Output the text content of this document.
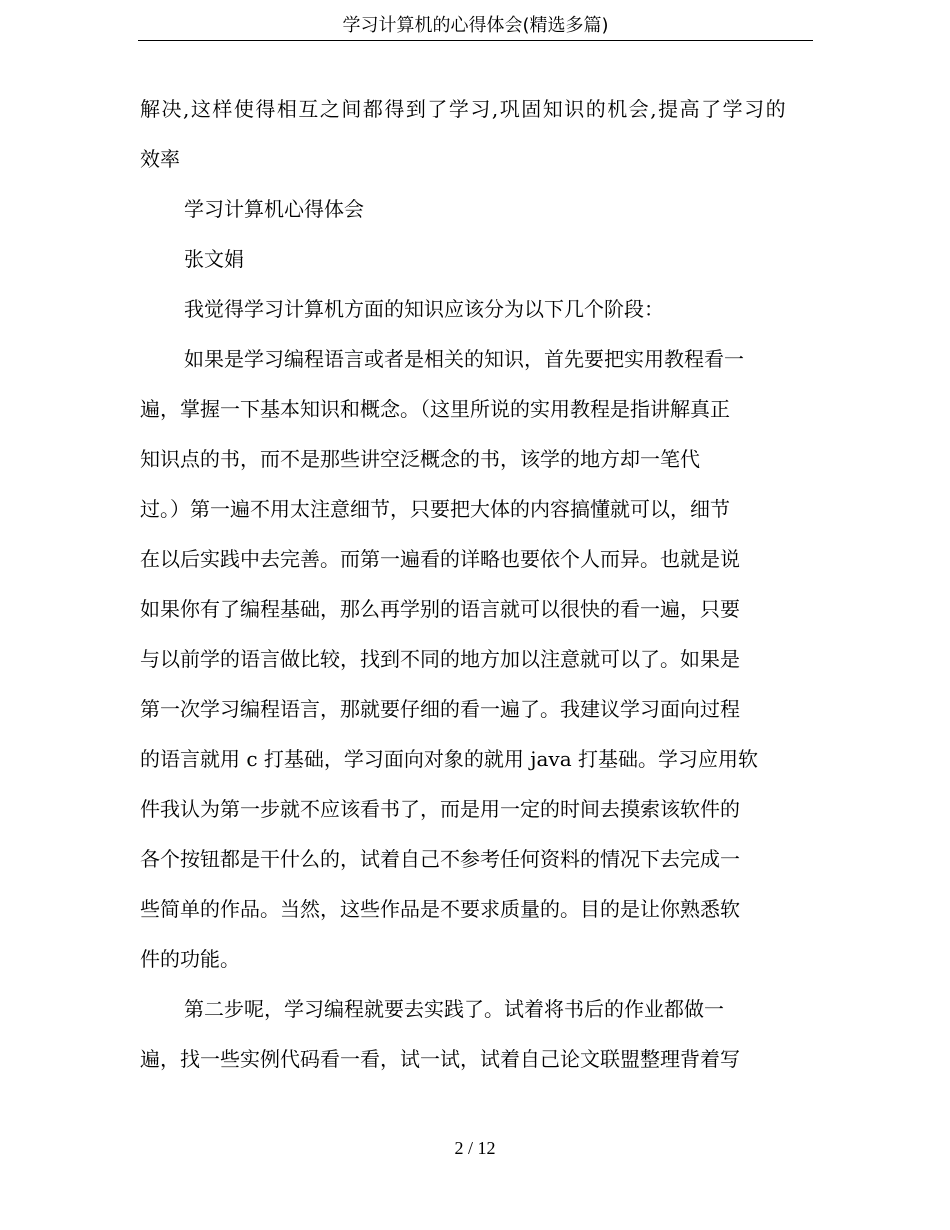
学习计算机的心得体会(精选多篇)
解决,这样使得相互之间都得到了学习,巩固知识的机会,提高了学习的
效率
学习计算机心得体会
张文娟
我觉得学习计算机方面的知识应该分为以下几个阶段：
如果是学习编程语言或者是相关的知识，首先要把实用教程看一
遍，掌握一下基本知识和概念。（这里所说的实用教程是指讲解真正
知识点的书，而不是那些讲空泛概念的书，该学的地方却一笔代
过。）第一遍不用太注意细节，只要把大体的内容搞懂就可以，细节
在以后实践中去完善。而第一遍看的详略也要依个人而异。也就是说
如果你有了编程基础，那么再学别的语言就可以很快的看一遍，只要
与以前学的语言做比较，找到不同的地方加以注意就可以了。如果是
第一次学习编程语言，那就要仔细的看一遍了。我建议学习面向过程
的语言就用 c 打基础，学习面向对象的就用 java 打基础。学习应用软
件我认为第一步就不应该看书了，而是用一定的时间去摸索该软件的
各个按钮都是干什么的，试着自己不参考任何资料的情况下去完成一
些简单的作品。当然，这些作品是不要求质量的。目的是让你熟悉软
件的功能。
第二步呢，学习编程就要去实践了。试着将书后的作业都做一
遍，找一些实例代码看一看，试一试，试着自己论文联盟整理背着写
2 / 12
